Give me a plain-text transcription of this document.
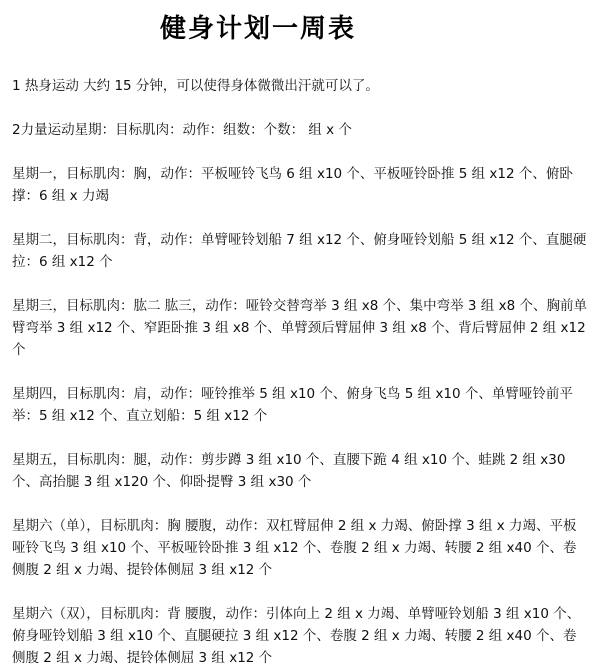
健身计划一周表

1 热身运动 大约 15 分钟，可以使得身体微微出汗就可以了。

2力量运动星期：目标肌肉：动作：组数：个数： 组 x 个

星期一，目标肌肉：胸，动作：平板哑铃飞鸟 6 组 x10 个、平板哑铃卧推 5 组 x12 个、俯卧撑：6 组 x 力竭

星期二，目标肌肉：背，动作：单臂哑铃划船 7 组 x12 个、俯身哑铃划船 5 组 x12 个、直腿硬拉：6 组 x12 个

星期三，目标肌肉：肱二 肱三，动作：哑铃交替弯举 3 组 x8 个、集中弯举 3 组 x8 个、胸前单臂弯举 3 组 x12 个、窄距卧推 3 组 x8 个、单臂颈后臂屈伸 3 组 x8 个、背后臂屈伸 2 组 x12 个

星期四，目标肌肉：肩，动作：哑铃推举 5 组 x10 个、俯身飞鸟 5 组 x10 个、单臂哑铃前平举：5 组 x12 个、直立划船：5 组 x12 个

星期五，目标肌肉：腿，动作：剪步蹲 3 组 x10 个、直腰下跪 4 组 x10 个、蛙跳 2 组 x30 个、高抬腿 3 组 x120 个、仰卧提臀 3 组 x30 个

星期六（单），目标肌肉：胸 腰腹，动作：双杠臂屈伸 2 组 x 力竭、俯卧撑 3 组 x 力竭、平板哑铃飞鸟 3 组 x10 个、平板哑铃卧推 3 组 x12 个、卷腹 2 组 x 力竭、转腰 2 组 x40 个、卷侧腹 2 组 x 力竭、提铃体侧屈 3 组 x12 个

星期六（双），目标肌肉：背 腰腹，动作：引体向上 2 组 x 力竭、单臂哑铃划船 3 组 x10 个、俯身哑铃划船 3 组 x10 个、直腿硬拉 3 组 x12 个、卷腹 2 组 x 力竭、转腰 2 组 x40 个、卷侧腹 2 组 x 力竭、提铃体侧屈 3 组 x12 个
